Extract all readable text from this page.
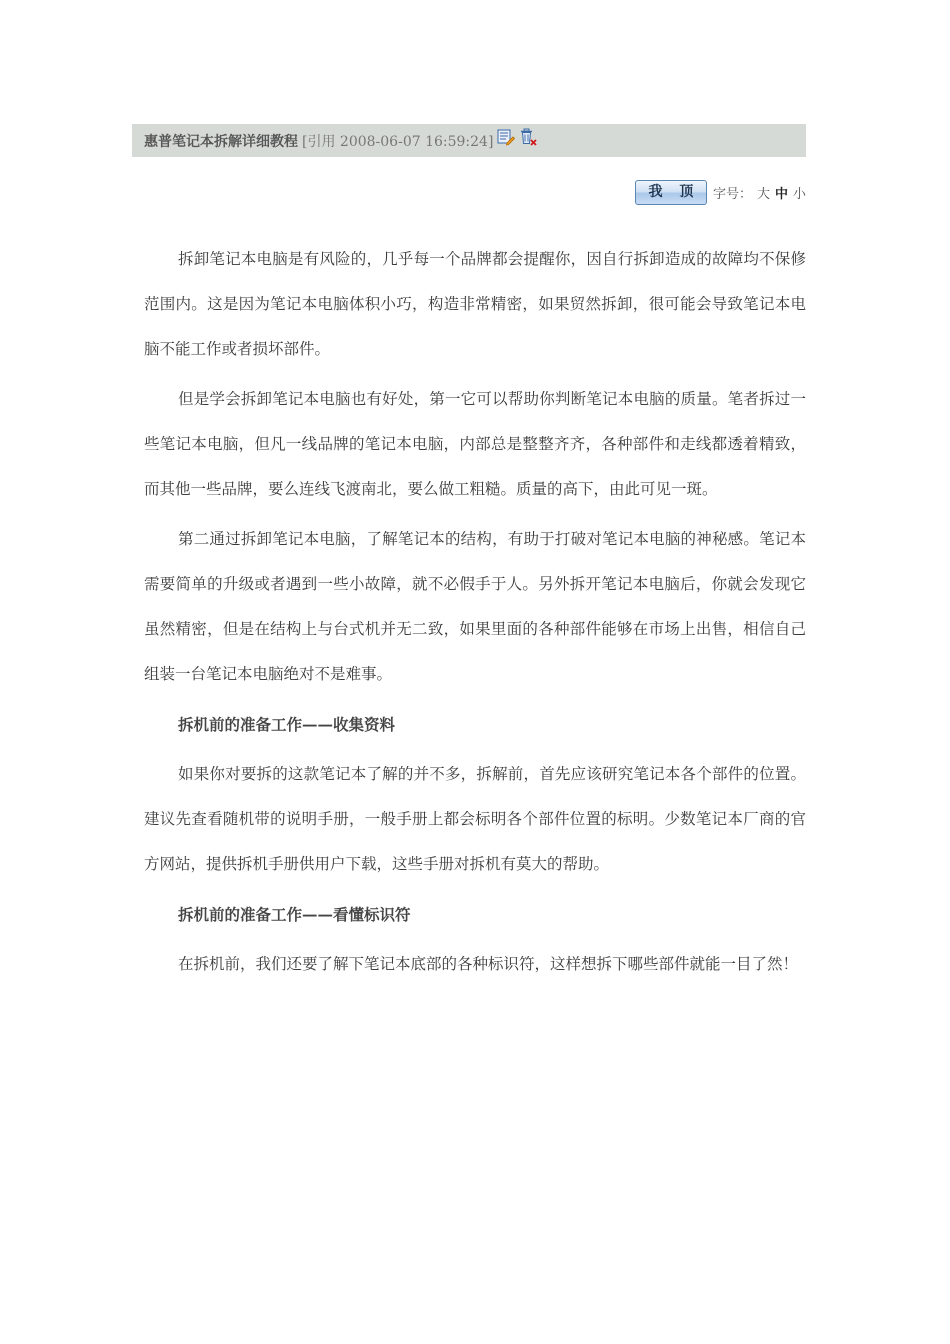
惠普笔记本拆解详细教程 [引用 2008-06-07 16:59:24]
我 顶	字号： 大 中 小

拆卸笔记本电脑是有风险的，几乎每一个品牌都会提醒你，因自行拆卸造成的故障均不保修范围内。这是因为笔记本电脑体积小巧，构造非常精密，如果贸然拆卸，很可能会导致笔记本电脑不能工作或者损坏部件。

但是学会拆卸笔记本电脑也有好处，第一它可以帮助你判断笔记本电脑的质量。笔者拆过一些笔记本电脑，但凡一线品牌的笔记本电脑，内部总是整整齐齐，各种部件和走线都透着精致，而其他一些品牌，要么连线飞渡南北，要么做工粗糙。质量的高下，由此可见一斑。

第二通过拆卸笔记本电脑，了解笔记本的结构，有助于打破对笔记本电脑的神秘感。笔记本需要简单的升级或者遇到一些小故障，就不必假手于人。另外拆开笔记本电脑后，你就会发现它虽然精密，但是在结构上与台式机并无二致，如果里面的各种部件能够在市场上出售，相信自己组装一台笔记本电脑绝对不是难事。

拆机前的准备工作——收集资料

如果你对要拆的这款笔记本了解的并不多，拆解前，首先应该研究笔记本各个部件的位置。建议先查看随机带的说明手册，一般手册上都会标明各个部件位置的标明。少数笔记本厂商的官方网站，提供拆机手册供用户下载，这些手册对拆机有莫大的帮助。

拆机前的准备工作——看懂标识符

在拆机前，我们还要了解下笔记本底部的各种标识符，这样想拆下哪些部件就能一目了然！
